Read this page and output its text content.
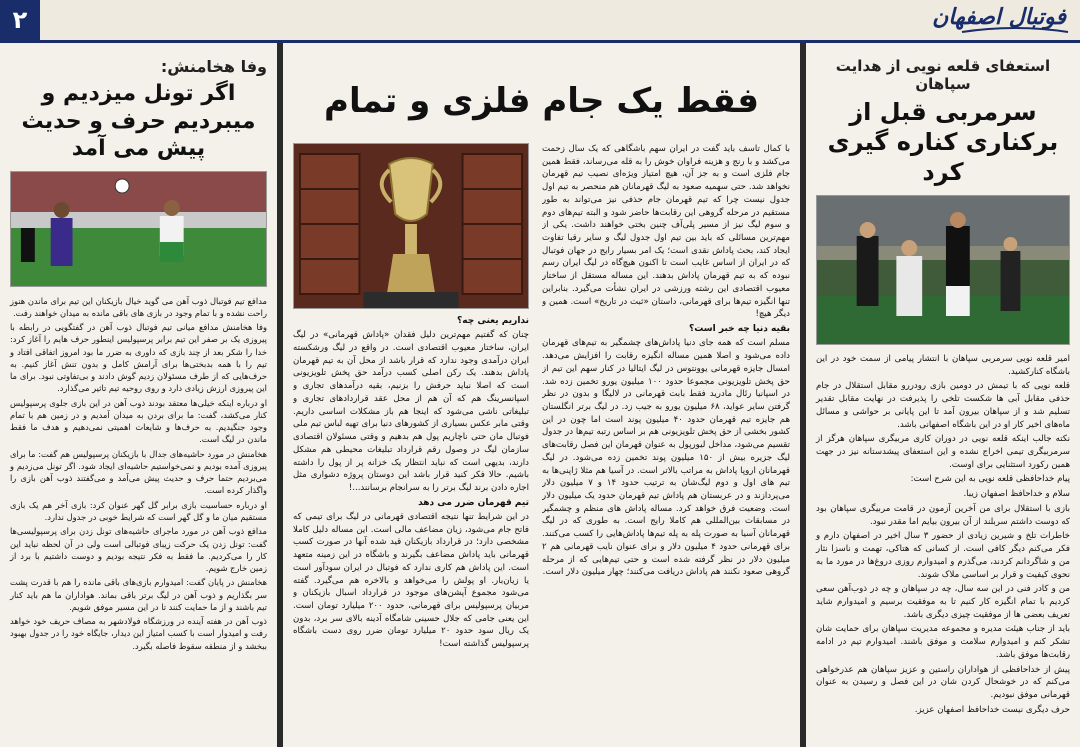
۲	فوتبال اصفهان
استعفای قلعه نویی از هدایت سپاهان
سرمربی قبل از برکناری کناره گیری کرد

امیر قلعه نویی سرمربی سپاهان با انتشار پیامی از سمت خود در این باشگاه کنارکشید.

قلعه نویی که با تیمش در دومین بازی رودررو مقابل استقلال در جام حذفی مقابل آبی ها شکست تلخی را پذیرفت در نهایت مقابل تقدیر تسلیم شد و از سپاهان بیرون آمد تا این پایانی بر حواشی و مسائل ماه‌های اخیر کار او در این باشگاه اصفهانی باشد.

نکته جالب اینکه قلعه نویی در دوران کاری مربیگری سپاهان هرگز از سرمربیگری تیمی اخراج نشده و این استعفای پیشدستانه نیز در جهت همین رکورد استثنایی برای اوست.

پیام خداحافظی قلعه نویی به این شرح است:

سلام و خداحافظ اصفهان زیبا.

بازی با استقلال برای من آخرین آزمون در قامت مربیگری سپاهان بود که دوست داشتم سربلند از آن بیرون بیایم اما مقدر نبود.

خاطرات تلخ و شیرین زیادی از حضور ۳ سال اخیر در اصفهان دارم و فکر می‌کنم دیگر کافی است. از کسانی که هتاکی، تهمت و ناسزا نثار من و شاگردانم کردند، می‌گذرم و امیدوارم روزی دروغ‌ها در مورد ما به‌ نحوی کیفیت و قرار بر اساسی ملاک شوند.

من و کادر فنی در این سه سال، چه در سپاهان و چه در ذوب‌آهن سعی کردیم با تمام انگیزه کار کنیم تا به موفقیت برسیم و امیدوارم شاید تعریف بعضی ها از موفقیت چیزی دیگری باشد.

باید از جناب هیئت مدیره و مجموعه مدیریت سپاهان برای حمایت شان تشکر کنم و امیدوارم سلامت و موفق باشند. امیدوارم تیم در ادامه رقابت‌ها موفق باشد.

پیش از خداحافظی از هواداران راستین و عزیز سپاهان هم عذرخواهی می‌کنم که در خوشحال کردن شان در این فصل و رسیدن به عنوان قهرمانی موفق نبودیم.

حرف دیگری نیست خداحافظ اصفهان عزیز.

فقط یک جام فلزی و تمام

با کمال تاسف باید گفت در ایران سهم باشگاهی که یک سال زحمت می‌کشد و با رنج و هزینه فراوان خوش را به قله می‌رساند، فقط همین جام فلزی است و به جز آن، هیچ امتیاز ویژه‌ای نصیب تیم قهرمان نخواهد شد. حتی سهمیه صعود به لیگ قهرمانان هم منحصر به تیم اول جدول نیست چرا که تیم قهرمان جام حذفی نیز می‌تواند به طور مستقیم در مرحله گروهی این رقابت‌ها حاضر شود و البته تیم‌های دوم و سوم لیگ نیز از مسیر پلی‌آف چنین بختی خواهند داشت. یکی از مهم‌ترین مسائلی که باید بین تیم اول جدول لیگ و سایر رقبا تفاوت ایجاد کند، بحث پاداش نقدی است؛ یک امر بسیار رایج در جهان فوتبال که در ایران از اساس غایب است تا اکنون هیچ‌گاه در لیگ ایران رسم نبوده که به تیم قهرمان پاداش بدهند. این مساله مستقل از ساختار معیوب اقتصادی این رشته ورزشی در ایران نشأت می‌گیرد. بنابراین تنها انگیزه تیم‌ها برای قهرمانی، داستان «ثبت در تاریخ» است. همین و دیگر هیچ!

بقیه دنیا چه خبر است؟

مسلم است که همه جای دنیا پاداش‌های چشمگیر به تیم‌های قهرمان داده می‌شود و اصلا همین مساله انگیزه رقابت را افزایش می‌دهد. امسال جایزه قهرمانی یوونتوس در لیگ ایتالیا در کنار سهم این تیم از حق پخش تلویزیونی مجموعا حدود ۱۰۰ میلیون یورو تخمین زده شد. در اسپانیا رئال مادرید فقط بابت قهرمانی در لالیگا و بدون در نظر گرفتن سایر عواید، ۶۸ میلیون یورو به جیب زد. در لیگ برتر انگلستان هم جایزه تیم قهرمان حدود ۴۰ میلیون پوند است اما چون در این کشور بخشی از حق پخش تلویزیونی هم بر اساس رتبه تیم‌ها در جدول تقسیم می‌شود، مداخل لیورپول به عنوان قهرمان این فصل رقابت‌های لیگ جزیره بیش از ۱۵۰ میلیون پوند تخمین زده می‌شود. در لیگ قهرمانان اروپا پاداش به‌ مراتب بالاتر است. در آسیا هم مثلا ژاپنی‌ها به تیم های اول و دوم لیگ‌شان به ترتیب حدود ۱۴ و ۷ میلیون دلار می‌پردازند و در عربستان هم پاداش تیم قهرمان حدود یک میلیون دلار است. وضعیت فرق خواهد کرد. مساله پاداش های منظم و چشمگیر در مسابقات بین‌المللی هم کاملا رایج است. به طوری که در لیگ قهرمانان آسیا به صورت پله به پله تیم‌ها پاداش‌هایی را کسب می‌کنند. برای قهرمانی حدود ۴ میلیون دلار و برای عنوان نایب قهرمانی هم ۲ میلیون دلار در نظر گرفته شده است و حتی تیم‌هایی که از مرحله گروهی صعود نکنند هم پاداش دریافت می‌کنند؛ چهار میلیون دلار است.

نداریم یعنی چه؟

چنان که گفتیم مهم‌ترین دلیل فقدان «پاداش قهرمانی» در لیگ ایران، ساختار معیوب اقتصادی است. در واقع در لیگ ورشکسته ایران درآمدی وجود ندارد که قرار باشد از محل آن به تیم قهرمان پاداش بدهند. یک رکن اصلی کسب درآمد حق پخش تلویزیونی است که اصلا نباید حرفش را بزنیم، بقیه درآمدهای تجاری و اسپانسرینگ هم که آن هم از محل عقد قراردادهای تجاری و تبلیغاتی ناشی می‌شود که اینجا هم باز مشکلات اساسی داریم. وقتی مابر عکس بسیاری از کشورهای دنیا برای تهیه لباس تیم ملی فوتبال مان حتی ناچاریم پول هم بدهیم و وقتی مسئولان اقتصادی سازمان لیگ در وصول رقم قرارداد تبلیغات محیطی هم مشکل دارند، بدیهی است که نباید انتظار یک خزانه پر از پول را داشته باشیم. حالا فکر کنید قرار باشد این دوستان پروژه دشواری مثل اجاره دادن برند لیگ برتر را به سرانجام برسانند...!

تیم قهرمان ضرر می دهد

در این شرایط تنها نتیجه اقتصادی قهرمانی در لیگ برای تیمی که فاتح جام می‌شود، زیان مضاعف مالی است. این مساله دلیل کاملا مشخصی دارد؛ در قرارداد بازیکنان قید شده آنها در صورت کسب قهرمانی باید پاداش مضاعف بگیرند و باشگاه در این زمینه متعهد است. این پاداش هم کاری ندارد که فوتبال در ایران سودآور است یا زیان‌بار. او پولش را می‌خواهد و بالاخره هم می‌گیرد. گفته می‌شود مجموع آپشن‌های موجود در قرارداد اسبال بازیکنان و مربیان پرسپولیس برای قهرمانی، حدود ۲۰۰ میلیارد تومان است. این یعنی جامی که جلال حسینی شامگاه آدینه بالای سر برد، بدون یک ریال سود حدود ۲۰ میلیارد تومان ضرر روی دست باشگاه پرسپولیس گذاشته است!

وفا هخامنش:
اگر تونل میزدیم و میبردیم حرف و حدیث پیش می آمد

مدافع تیم فوتبال ذوب آهن می گوید خیال بازیکنان این تیم برای ماندن هنوز راحت نشده و با تمام وجود در بازی های باقی مانده به میدان خواهند رفت.

وفا هخامنش مدافع میانی تیم فوتبال ذوب آهن در گفتگویی در رابطه با پیروزی یک بر صفر این تیم برابر پرسپولیس اینطور حرف هایم را آغاز کرد: خدا را شکر بعد از چند بازی که داوری به ضرر ما بود امروز اتفاقی افتاد و تیم را با همه بدبختی‌ها برای آرامش کامل و بدون تنش آغاز کنیم. به حرف‌هایی که از طرف مسئولان زدیم گوش دادند و بی‌تفاوتی نبود. برای ما این پیروزی ارزش زیادی دارد و روی روحیه تیم تاثیر می‌گذارد.

او درباره اینکه خیلی‌ها معتقد بودند ذوب آهن در این بازی جلوی پرسپولیس کنار می‌کشد، گفت: ما برای بردن به میدان آمدیم و در زمین هم با تمام وجود جنگیدیم. به حرف‌ها و شایعات اهمیتی نمی‌دهیم و هدف ما فقط ماندن در لیگ است.

هخامنش در مورد حاشیه‌های جدال با بازیکنان پرسپولیس هم گفت: ما برای پیروزی آمده بودیم و نمی‌خواستیم حاشیه‌ای ایجاد شود. اگر تونل می‌زدیم و می‌بردیم حتما حرف و حدیث پیش می‌آمد و می‌گفتند ذوب آهن بازی را واگذار کرده است.

او درباره حساسیت بازی برابر گل گهر عنوان کرد: بازی آخر هم یک بازی مستقیم میان ما و گل گهر است که شرایط خوبی در جدول ندارد.

مدافع ذوب آهن در مورد ماجرای حاشیه‌های تونل زدن برای پرسپولیسی‌ها گفت: تونل زدن یک حرکت زیبای فوتبالی است ولی در آن لحظه نباید این کار را می‌کردیم. ما فقط به فکر نتیجه بودیم و دوست داشتیم با برد از زمین خارج شویم.

هخامنش در پایان گفت: امیدوارم بازی‌های باقی مانده را هم با قدرت پشت سر بگذاریم و ذوب آهن در لیگ برتر باقی بماند. هواداران ما هم باید کنار تیم باشند و از ما حمایت کنند تا در این مسیر موفق شویم.

ذوب آهن در هفته آینده در ورزشگاه فولادشهر به مصاف حریف خود خواهد رفت و امیدوار است با کسب امتیاز این دیدار، جایگاه خود را در جدول بهبود ببخشد و از منطقه سقوط فاصله بگیرد.
